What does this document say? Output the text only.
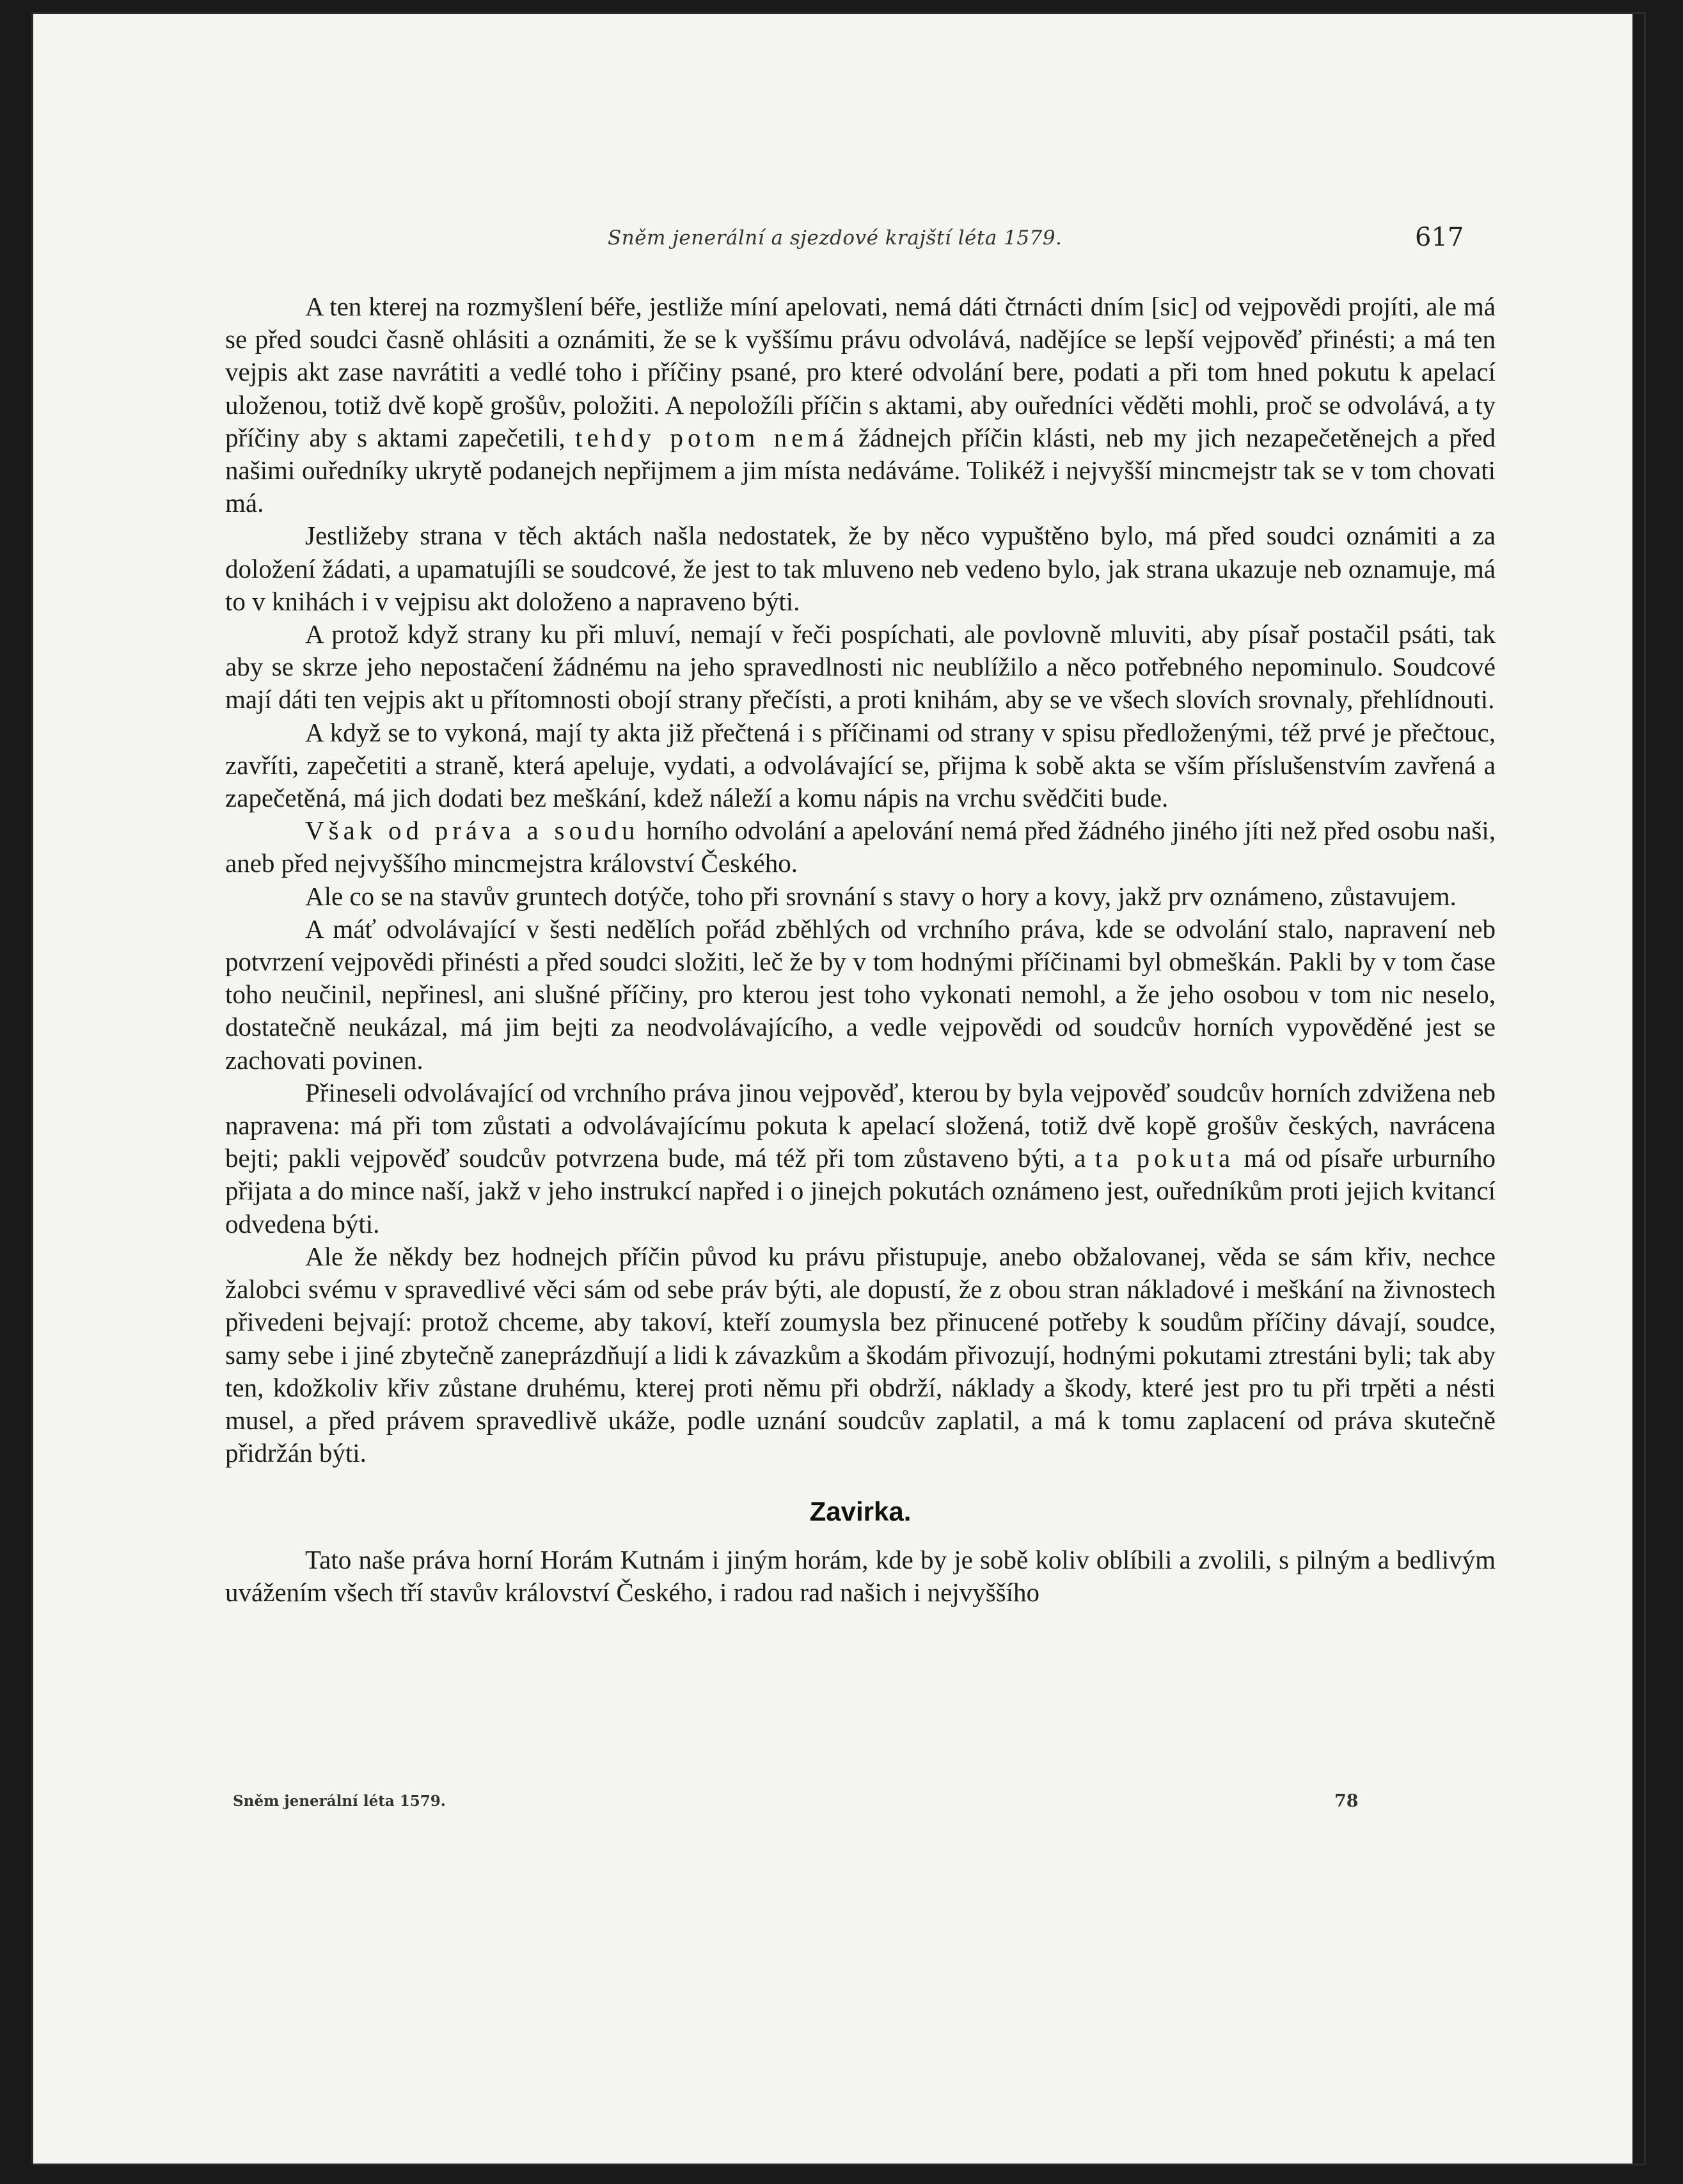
Sněm jenerální a sjezdové krajští léta 1579.	617

A ten kterej na rozmyšlení béře, jestliže míní apelovati, nemá dáti čtrnácti dním [sic] od vejpovědi projíti, ale má se před soudci časně ohlásiti a oznámiti, že se k vyššímu právu odvolává, nadějíce se lepší vejpověď přinésti; a má ten vejpis akt zase navrátiti a vedlé toho i příčiny psané, pro které odvolání bere, podati a při tom hned pokutu k apelací uloženou, totiž dvě kopě grošův, položiti. A nepoložíli příčin s aktami, aby ouředníci věděti mohli, proč se odvolává, a ty příčiny aby s aktami zapečetili, tehdy potom nemá žádnejch příčin klásti, neb my jich nezapečetěnejch a před našimi ouředníky ukrytě podanejch nepřijmem a jim místa nedáváme. Tolikéž i nejvyšší mincmejstr tak se v tom chovati má.

Jestližeby strana v těch aktách našla nedostatek, že by něco vypuštěno bylo, má před soudci oznámiti a za doložení žádati, a upamatujíli se soudcové, že jest to tak mluveno neb vedeno bylo, jak strana ukazuje neb oznamuje, má to v knihách i v vejpisu akt doloženo a napraveno býti.

A protož když strany ku při mluví, nemají v řeči pospíchati, ale povlovně mluviti, aby písař postačil psáti, tak aby se skrze jeho nepostačení žádnému na jeho spravedlnosti nic neublížilo a něco potřebného nepominulo. Soudcové mají dáti ten vejpis akt u přítomnosti obojí strany přečísti, a proti knihám, aby se ve všech slovích srovnaly, přehlídnouti.

A když se to vykoná, mají ty akta již přečtená i s příčinami od strany v spisu předloženými, též prvé je přečtouc, zavříti, zapečetiti a straně, která apeluje, vydati, a odvolávající se, přijma k sobě akta se vším příslušenstvím zavřená a zapečetěná, má jich dodati bez meškání, kdež náleží a komu nápis na vrchu svědčiti bude.

Však od práva a soudu horního odvolání a apelování nemá před žádného jiného jíti než před osobu naši, aneb před nejvyššího mincmejstra království Českého.

Ale co se na stavův gruntech dotýče, toho při srovnání s stavy o hory a kovy, jakž prv oznámeno, zůstavujem.

A máť odvolávající v šesti nedělích pořád zběhlých od vrchního práva, kde se odvolání stalo, napravení neb potvrzení vejpovědi přinésti a před soudci složiti, leč že by v tom hodnými příčinami byl obmeškán. Pakli by v tom čase toho neučinil, nepřinesl, ani slušné příčiny, pro kterou jest toho vykonati nemohl, a že jeho osobou v tom nic neselo, dostatečně neukázal, má jim bejti za neodvolávajícího, a vedle vejpovědi od soudcův horních vypověděné jest se zachovati povinen.

Přineseli odvolávající od vrchního práva jinou vejpověď, kterou by byla vejpověď soudcův horních zdvižena neb napravena: má při tom zůstati a odvolávajícímu pokuta k apelací složená, totiž dvě kopě grošův českých, navrácena bejti; pakli vejpověď soudcův potvrzena bude, má též při tom zůstaveno býti, a ta pokuta má od písaře urburního přijata a do mince naší, jakž v jeho instrukcí napřed i o jinejch pokutách oznámeno jest, ouředníkům proti jejich kvitancí odvedena býti.

Ale že někdy bez hodnejch příčin původ ku právu přistupuje, anebo obžalovanej, věda se sám křiv, nechce žalobci svému v spravedlivé věci sám od sebe práv býti, ale dopustí, že z obou stran nákladové i meškání na živnostech přivedeni bejvají: protož chceme, aby takoví, kteří zoumysla bez přinucené potřeby k soudům příčiny dávají, soudce, samy sebe i jiné zbytečně zaneprázdňují a lidi k závazkům a škodám přivozují, hodnými pokutami ztrestáni byli; tak aby ten, kdožkoliv křiv zůstane druhému, kterej proti němu při obdrží, náklady a škody, které jest pro tu při trpěti a nésti musel, a před právem spravedlivě ukáže, podle uznání soudcův zaplatil, a má k tomu zaplacení od práva skutečně přidržán býti.

Zavirka.

Tato naše práva horní Horám Kutnám i jiným horám, kde by je sobě koliv oblíbili a zvolili, s pilným a bedlivým uvážením všech tří stavův království Českého, i radou rad našich i nejvyššího

Sněm jenerální léta 1579.	78
